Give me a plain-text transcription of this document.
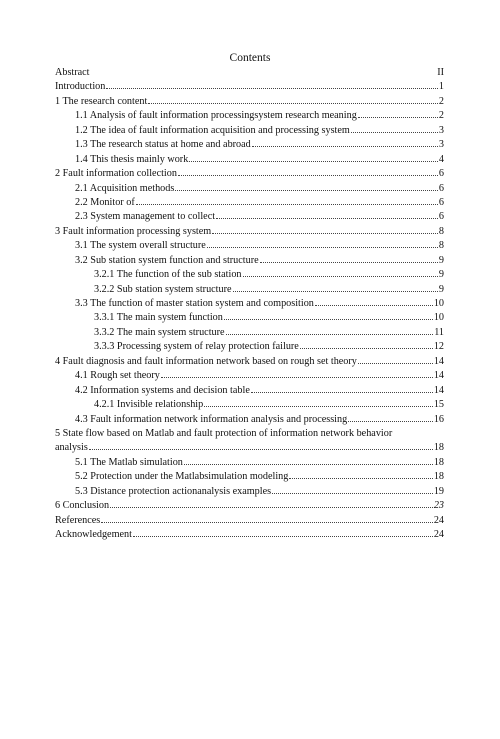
Contents
Abstract	II
Introduction	1
1 The research content	2
1.1 Analysis of fault information processingsystem research meaning	2
1.2 The idea of fault information acquisition and processing system	3
1.3 The research status at home and abroad	3
1.4 This thesis mainly work	4
2 Fault information collection	6
2.1 Acquisition methods	6
2.2 Monitor of	6
2.3 System management to collect	6
3 Fault information processing system	8
3.1 The system overall structure	8
3.2 Sub station system function and structure	9
3.2.1 The function of the sub station	9
3.2.2 Sub station system structure	9
3.3 The function of master station system and composition	10
3.3.1 The main system function	10
3.3.2 The main system structure	11
3.3.3 Processing system of relay protection failure	12
4 Fault diagnosis and fault information network based on rough set theory	14
4.1 Rough set theory	14
4.2 Information systems and decision table	14
4.2.1 Invisible relationship	15
4.3 Fault information network information analysis and processing	16
5 State flow based on Matlab and fault protection of information network behavior
analysis	18
5.1 The Matlab simulation	18
5.2 Protection under the Matlabsimulation modeling	18
5.3 Distance protection actionanalysis examples	19
6 Conclusion	23
References	24
Acknowledgement	24
